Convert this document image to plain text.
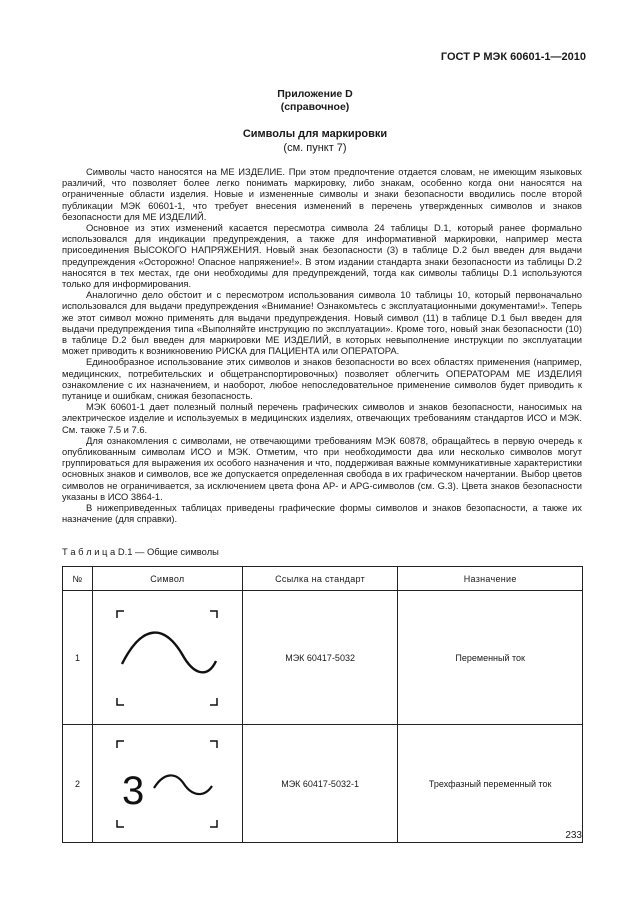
ГОСТ Р МЭК 60601-1—2010
Приложение D
(справочное)
Символы для маркировки
(см. пункт 7)

Символы часто наносятся на МЕ ИЗДЕЛИЕ. При этом предпочтение отдается словам, не имеющим языковых различий, что позволяет более легко понимать маркировку, либо знакам, особенно когда они наносятся на ограниченные области изделия. Новые и измененные символы и знаки безопасности вводились после второй публикации МЭК 60601-1, что требует внесения изменений в перечень утвержденных символов и знаков безопасности для МЕ ИЗДЕЛИЙ.

Основное из этих изменений касается пересмотра символа 24 таблицы D.1, который ранее формально использовался для индикации предупреждения, а также для информативной маркировки, например места присоединения ВЫСОКОГО НАПРЯЖЕНИЯ. Новый знак безопасности (3) в таблице D.2 был введен для выдачи предупреждения «Осторожно! Опасное напряжение!». В этом издании стандарта знаки безопасности из таблицы D.2 наносятся в тех местах, где они необходимы для предупреждений, тогда как символы таблицы D.1 используются только для информирования.

Аналогично дело обстоит и с пересмотром использования символа 10 таблицы 10, который первоначально использовался для выдачи предупреждения «Внимание! Ознакомьтесь с эксплуатационными документами!». Теперь же этот символ можно применять для выдачи предупреждения. Новый символ (11) в таблице D.1 был введен для выдачи предупреждения типа «Выполняйте инструкцию по эксплуатации». Кроме того, новый знак безопасности (10) в таблице D.2 был введен для маркировки МЕ ИЗДЕЛИЙ, в которых невыполнение инструкции по эксплуатации может приводить к возникновению РИСКА для ПАЦИЕНТА или ОПЕРАТОРА.

Единообразное использование этих символов и знаков безопасности во всех областях применения (например, медицинских, потребительских и общетранспортировочных) позволяет облегчить ОПЕРАТОРАМ МЕ ИЗДЕЛИЯ ознакомление с их назначением, и наоборот, любое непоследовательное применение символов будет приводить к путанице и ошибкам, снижая безопасность.

МЭК 60601-1 дает полезный полный перечень графических символов и знаков безопасности, наносимых на электрическое изделие и используемых в медицинских изделиях, отвечающих требованиям стандартов ИСО и МЭК. См. также 7.5 и 7.6.

Для ознакомления с символами, не отвечающими требованиям МЭК 60878, обращайтесь в первую очередь к опубликованным символам ИСО и МЭК. Отметим, что при необходимости два или несколько символов могут группироваться для выражения их особого назначения и что, поддерживая важные коммуникативные характеристики основных знаков и символов, все же допускается определенная свобода в их графическом начертании. Выбор цветов символов не ограничивается, за исключением цвета фона AP- и APG-символов (см. G.3). Цвета знаков безопасности указаны в ИСО 3864-1.

В нижеприведенных таблицах приведены графические формы символов и знаков безопасности, а также их назначение (для справки).

Т а б л и ц а D.1 — Общие символы
№	Символ	Ссылка на стандарт	Назначение
1		МЭК 60417-5032	Переменный ток
2	3	МЭК 60417-5032-1	Трехфазный переменный ток
233
